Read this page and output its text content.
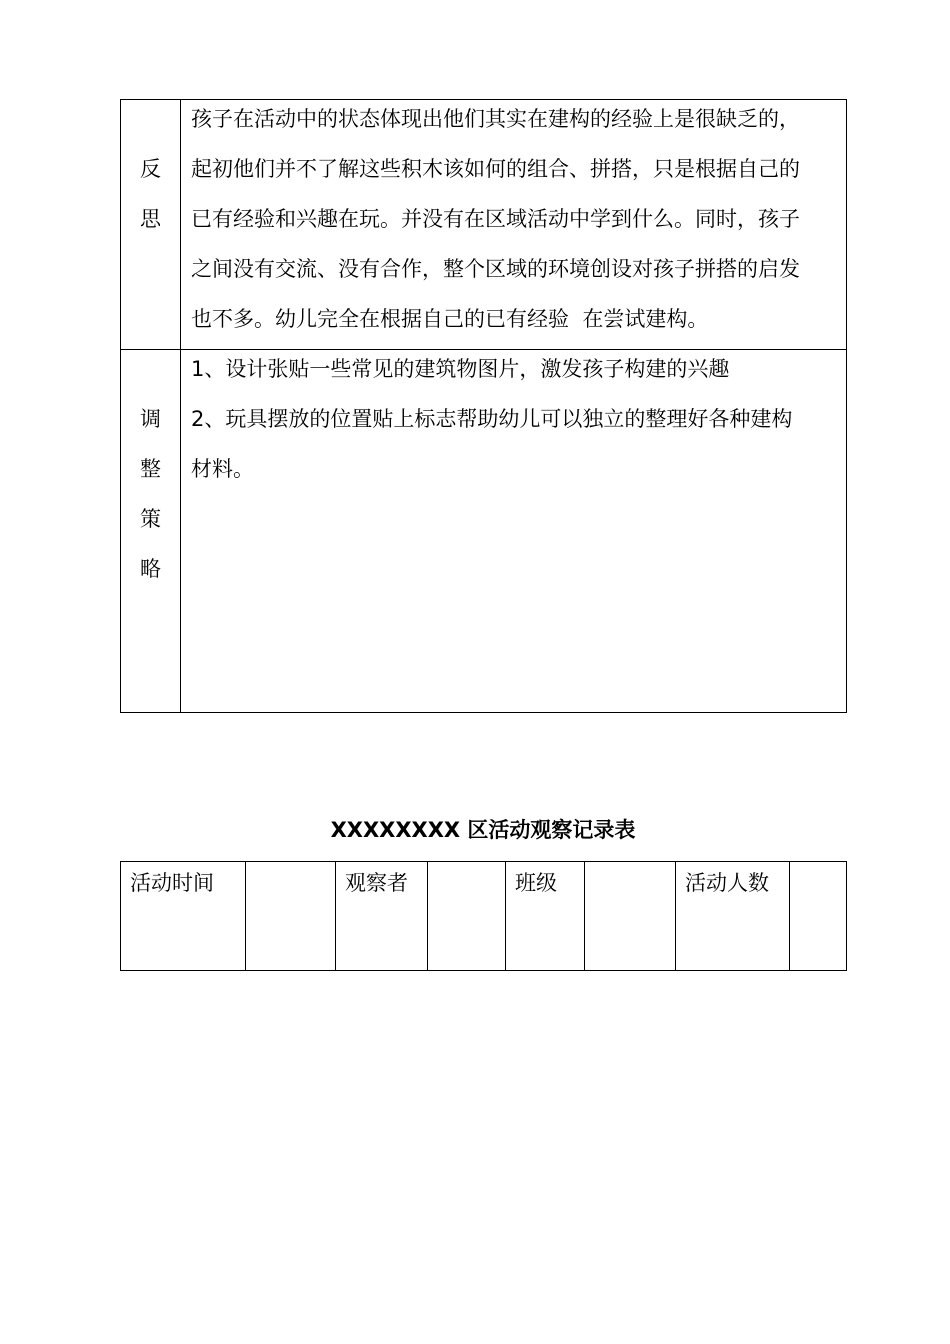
反
思	孩子在活动中的状态体现出他们其实在建构的经验上是很缺乏的，
起初他们并不了解这些积木该如何的组合、拼搭，只是根据自己的
已有经验和兴趣在玩。并没有在区域活动中学到什么。同时，孩子
之间没有交流、没有合作，整个区域的环境创设对孩子拼搭的启发
也不多。幼儿完全在根据自己的已有经验  在尝试建构。

调
整
策
略	1、设计张贴一些常见的建筑物图片，激发孩子构建的兴趣
2、玩具摆放的位置贴上标志帮助幼儿可以独立的整理好各种建构
材料。
XXXXXXXX 区活动观察记录表
活动时间		观察者		班级		活动人数	
